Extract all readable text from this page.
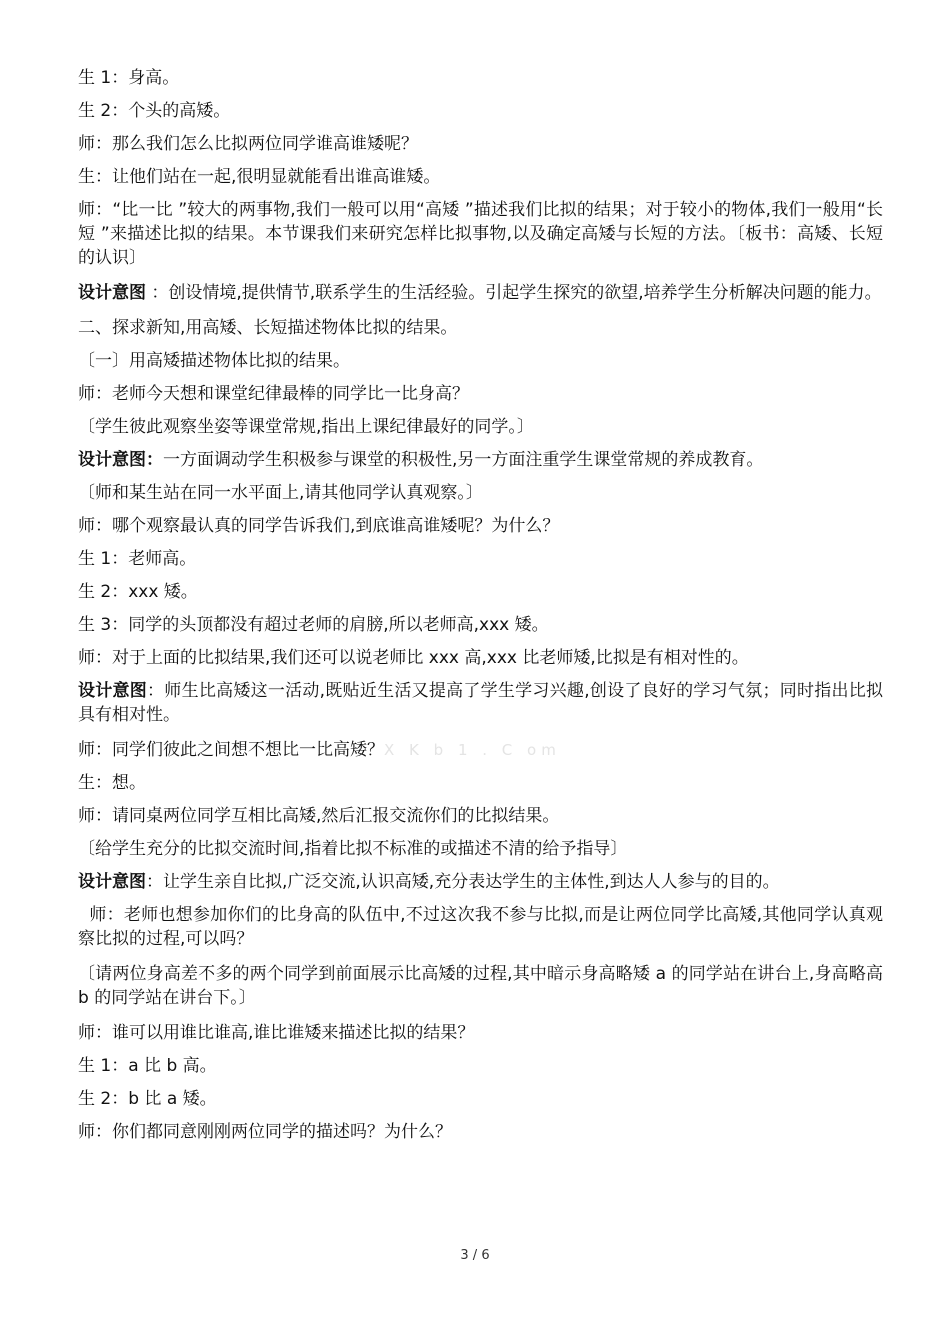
生 1：身高。

生 2：个头的高矮。

师：那么我们怎么比拟两位同学谁高谁矮呢？

生：让他们站在一起,很明显就能看出谁高谁矮。

师：“比一比 ”较大的两事物,我们一般可以用“高矮 ”描述我们比拟的结果；对于较小的物体,我们一般用“长短 ”来描述比拟的结果。本节课我们来研究怎样比拟事物,以及确定高矮与长短的方法。〔板书：高矮、长短的认识〕

设计意图 ：创设情境,提供情节,联系学生的生活经验。引起学生探究的欲望,培养学生分析解决问题的能力。

二、探求新知,用高矮、长短描述物体比拟的结果。

〔一〕用高矮描述物体比拟的结果。

师：老师今天想和课堂纪律最棒的同学比一比身高？

〔学生彼此观察坐姿等课堂常规,指出上课纪律最好的同学。〕

设计意图：一方面调动学生积极参与课堂的积极性,另一方面注重学生课堂常规的养成教育。

〔师和某生站在同一水平面上,请其他同学认真观察。〕

师：哪个观察最认真的同学告诉我们,到底谁高谁矮呢？为什么？

生 1：老师高。

生 2：xxx 矮。

生 3：同学的头顶都没有超过老师的肩膀,所以老师高,xxx 矮。

师：对于上面的比拟结果,我们还可以说老师比 xxx 高,xxx 比老师矮,比拟是有相对性的。

设计意图：师生比高矮这一活动,既贴近生活又提高了学生学习兴趣,创设了良好的学习气氛；同时指出比拟具有相对性。

师：同学们彼此之间想不想比一比高矮？X K b 1 . C om

生：想。

师：请同桌两位同学互相比高矮,然后汇报交流你们的比拟结果。

〔给学生充分的比拟交流时间,指着比拟不标准的或描述不清的给予指导〕

设计意图：让学生亲自比拟,广泛交流,认识高矮,充分表达学生的主体性,到达人人参与的目的。

师：老师也想参加你们的比身高的队伍中,不过这次我不参与比拟,而是让两位同学比高矮,其他同学认真观察比拟的过程,可以吗？

〔请两位身高差不多的两个同学到前面展示比高矮的过程,其中暗示身高略矮 a 的同学站在讲台上,身高略高 b 的同学站在讲台下。〕

师：谁可以用谁比谁高,谁比谁矮来描述比拟的结果？

生 1：a 比 b 高。

生 2：b 比 a 矮。

师：你们都同意刚刚两位同学的描述吗？为什么？

3 / 6
